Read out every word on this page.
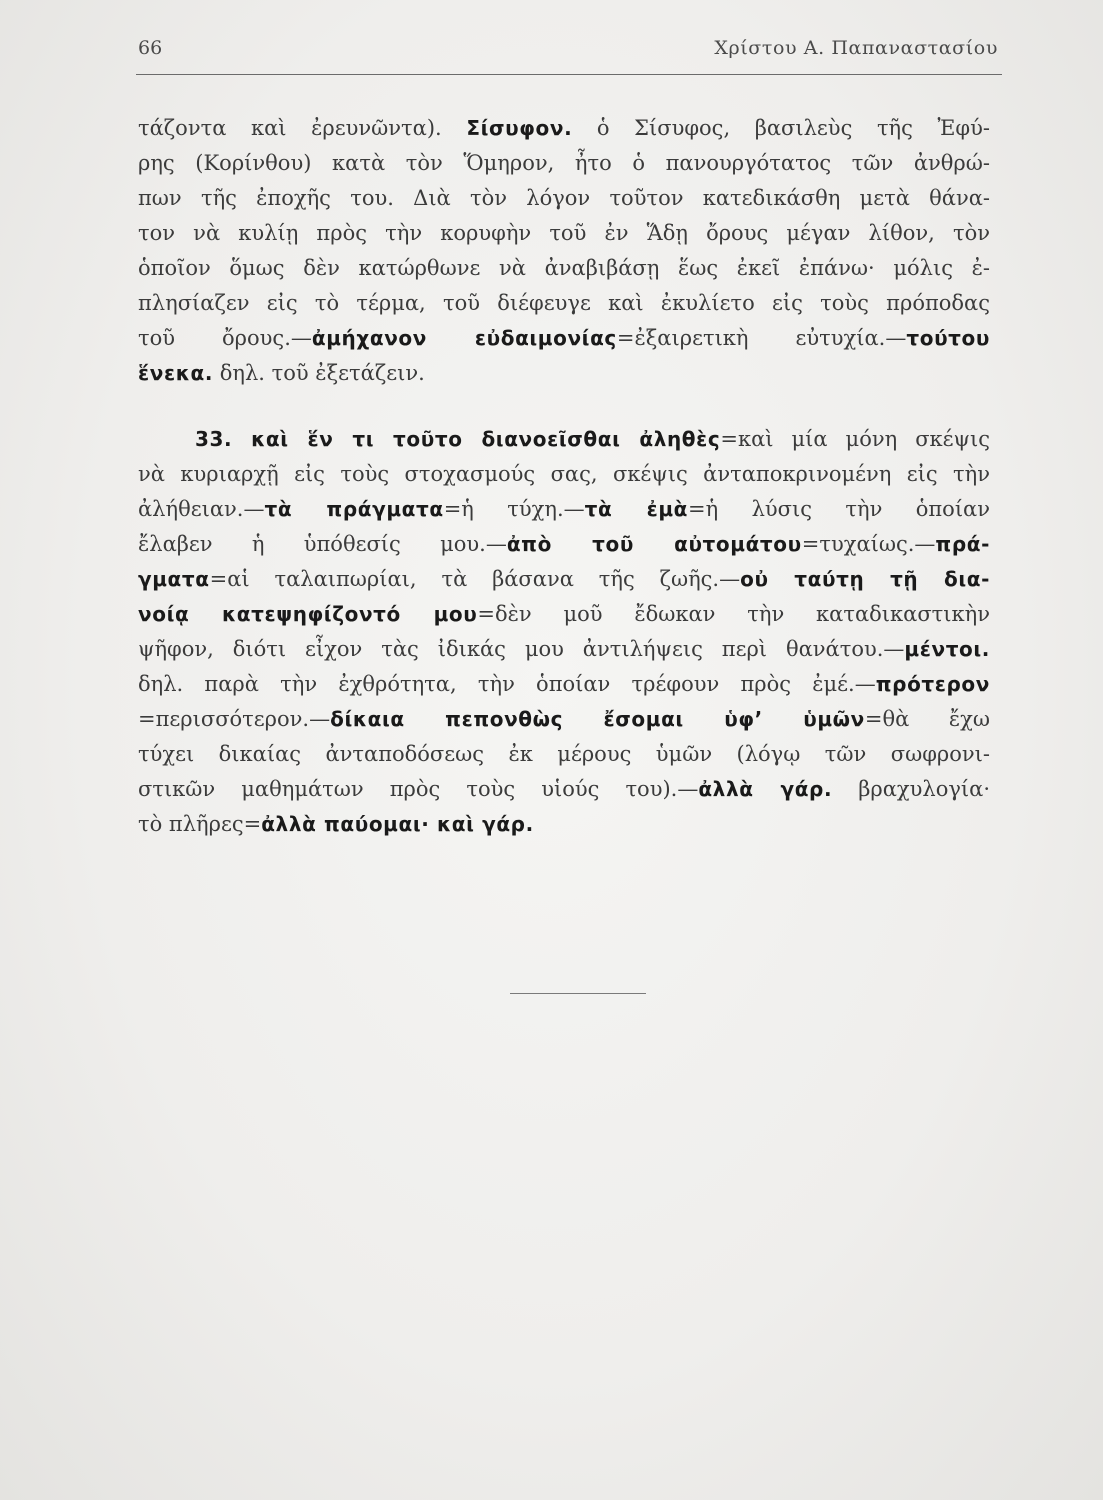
66	Χρίστου Α. Παπαναστασίου
τάζοντα καὶ ἐρευνῶντα). Σίσυφον. ὁ Σίσυφος, βασιλεὺς τῆς Ἐφύ-
ρης (Κορίνθου) κατὰ τὸν Ὅμηρον, ἦτο ὁ πανουργότατος τῶν ἀνθρώ-
πων τῆς ἐποχῆς του. Διὰ τὸν λόγον τοῦτον κατεδικάσθη μετὰ θάνα-
τον νὰ κυλίῃ πρὸς τὴν κορυφὴν τοῦ ἐν Ἅδῃ ὄρους μέγαν λίθον, τὸν
ὁποῖον ὅμως δὲν κατώρθωνε νὰ ἀναβιβάσῃ ἕως ἐκεῖ ἐπάνω· μόλις ἐ-
πλησίαζεν εἰς τὸ τέρμα, τοῦ διέφευγε καὶ ἐκυλίετο εἰς τοὺς πρόποδας
τοῦ ὄρους.—ἀμήχανον εὐδαιμονίας=ἐξαιρετικὴ εὐτυχία.—τούτου
ἕνεκα. δηλ. τοῦ ἐξετάζειν.
33. καὶ ἕν τι τοῦτο διανοεῖσθαι ἀληθὲς=καὶ μία μόνη σκέψις
νὰ κυριαρχῇ εἰς τοὺς στοχασμούς σας, σκέψις ἀνταποκρινομένη εἰς τὴν
ἀλήθειαν.—τὰ πράγματα=ἡ τύχη.—τὰ ἐμὰ=ἡ λύσις τὴν ὁποίαν
ἔλαβεν ἡ ὑπόθεσίς μου.—ἀπὸ τοῦ αὐτομάτου=τυχαίως.—πρά-
γματα=αἱ ταλαιπωρίαι, τὰ βάσανα τῆς ζωῆς.—οὐ ταύτῃ τῇ δια-
νοίᾳ κατεψηφίζοντό μου=δὲν μοῦ ἔδωκαν τὴν καταδικαστικὴν
ψῆφον, διότι εἶχον τὰς ἰδικάς μου ἀντιλήψεις περὶ θανάτου.—μέντοι.
δηλ. παρὰ τὴν ἐχθρότητα, τὴν ὁποίαν τρέφουν πρὸς ἐμέ.—πρότερον
=περισσότερον.—δίκαια πεπονθὼς ἔσομαι ὑφ’ ὑμῶν=θὰ ἔχω
τύχει δικαίας ἀνταποδόσεως ἐκ μέρους ὑμῶν (λόγῳ τῶν σωφρονι-
στικῶν μαθημάτων πρὸς τοὺς υἱούς του).—ἀλλὰ γάρ. βραχυλογία·
τὸ πλῆρες=ἀλλὰ παύομαι· καὶ γάρ.
